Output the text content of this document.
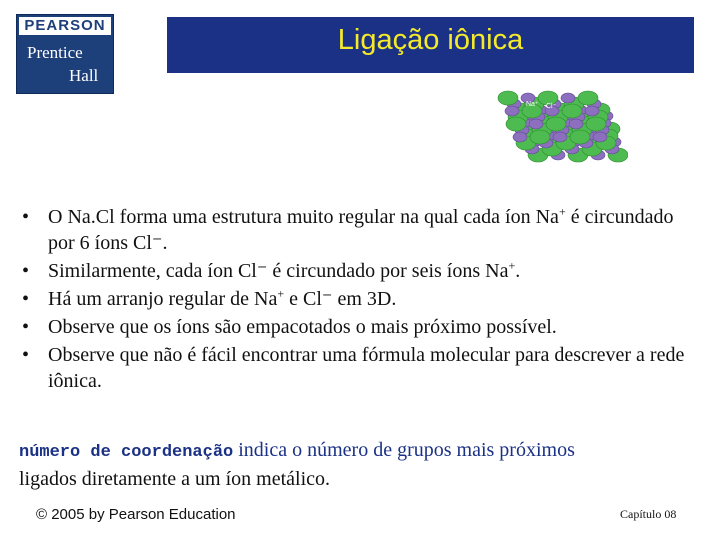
PEARSON
Prentice
Hall
Ligação iônica
Na⁺ Cl⁻
• O Na.Cl forma uma estrutura muito regular na qual cada íon Na+ é circundado por 6 íons Cl⁻.
• Similarmente, cada íon Cl⁻ é circundado por seis íons Na+.
• Há um arranjo regular de Na+ e Cl⁻ em 3D.
• Observe que os íons são empacotados o mais próximo possível.
• Observe que não é fácil encontrar uma fórmula molecular para descrever a rede iônica.
número de coordenação indica o número de grupos mais próximos
ligados diretamente a um íon metálico.
© 2005 by Pearson Education	Capítulo 08
